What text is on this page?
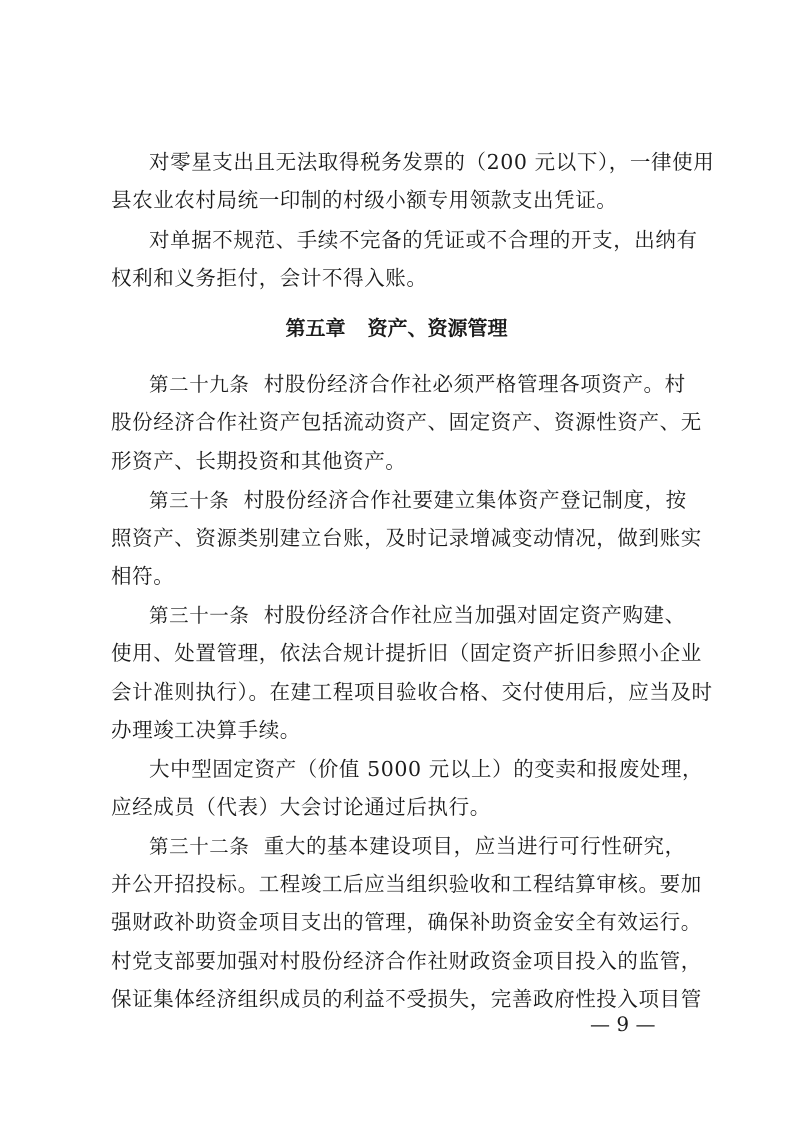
对零星支出且无法取得税务发票的（200 元以下），一律使用
县农业农村局统一印制的村级小额专用领款支出凭证。
对单据不规范、手续不完备的凭证或不合理的开支，出纳有
权利和义务拒付，会计不得入账。
第五章 资产、资源管理
第二十九条 村股份经济合作社必须严格管理各项资产。村
股份经济合作社资产包括流动资产、固定资产、资源性资产、无
形资产、长期投资和其他资产。
第三十条 村股份经济合作社要建立集体资产登记制度，按
照资产、资源类别建立台账，及时记录增减变动情况，做到账实
相符。
第三十一条 村股份经济合作社应当加强对固定资产购建、
使用、处置管理，依法合规计提折旧（固定资产折旧参照小企业
会计准则执行）。在建工程项目验收合格、交付使用后，应当及时
办理竣工决算手续。
大中型固定资产（价值 5000 元以上）的变卖和报废处理，
应经成员（代表）大会讨论通过后执行。
第三十二条 重大的基本建设项目，应当进行可行性研究，
并公开招投标。工程竣工后应当组织验收和工程结算审核。要加
强财政补助资金项目支出的管理，确保补助资金安全有效运行。
村党支部要加强对村股份经济合作社财政资金项目投入的监管，
保证集体经济组织成员的利益不受损失，完善政府性投入项目管
— 9 —
